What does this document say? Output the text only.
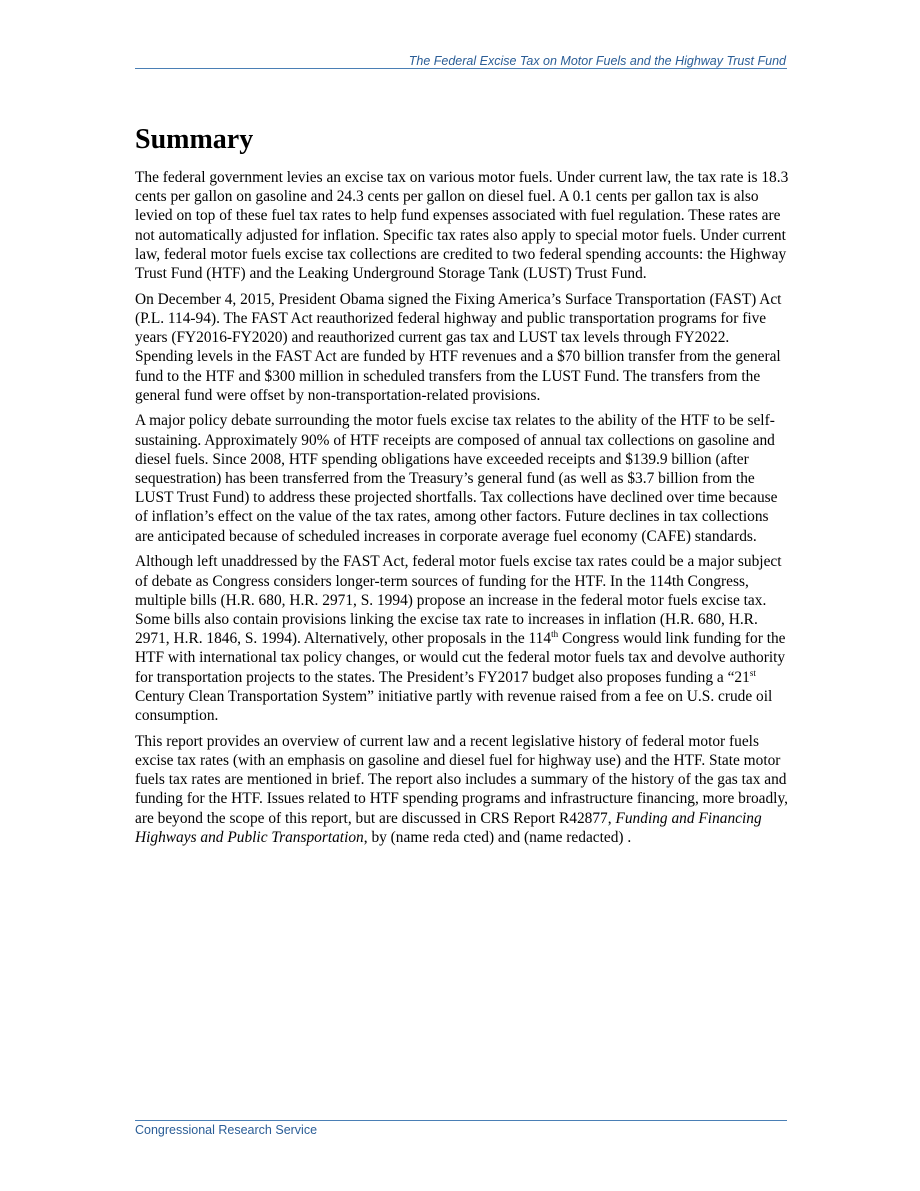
The Federal Excise Tax on Motor Fuels and the Highway Trust Fund
Summary

The federal government levies an excise tax on various motor fuels. Under current law, the tax rate is 18.3 cents per gallon on gasoline and 24.3 cents per gallon on diesel fuel. A 0.1 cents per gallon tax is also levied on top of these fuel tax rates to help fund expenses associated with fuel regulation. These rates are not automatically adjusted for inflation. Specific tax rates also apply to special motor fuels. Under current law, federal motor fuels excise tax collections are credited to two federal spending accounts: the Highway Trust Fund (HTF) and the Leaking Underground Storage Tank (LUST) Trust Fund.

On December 4, 2015, President Obama signed the Fixing America’s Surface Transportation (FAST) Act (P.L. 114-94). The FAST Act reauthorized federal highway and public transportation programs for five years (FY2016-FY2020) and reauthorized current gas tax and LUST tax levels through FY2022. Spending levels in the FAST Act are funded by HTF revenues and a $70 billion transfer from the general fund to the HTF and $300 million in scheduled transfers from the LUST Fund. The transfers from the general fund were offset by non-transportation-related provisions.

A major policy debate surrounding the motor fuels excise tax relates to the ability of the HTF to be self-sustaining. Approximately 90% of HTF receipts are composed of annual tax collections on gasoline and diesel fuels. Since 2008, HTF spending obligations have exceeded receipts and $139.9 billion (after sequestration) has been transferred from the Treasury’s general fund (as well as $3.7 billion from the LUST Trust Fund) to address these projected shortfalls. Tax collections have declined over time because of inflation’s effect on the value of the tax rates, among other factors. Future declines in tax collections are anticipated because of scheduled increases in corporate average fuel economy (CAFE) standards.

Although left unaddressed by the FAST Act, federal motor fuels excise tax rates could be a major subject of debate as Congress considers longer-term sources of funding for the HTF. In the 114th Congress, multiple bills (H.R. 680, H.R. 2971, S. 1994) propose an increase in the federal motor fuels excise tax. Some bills also contain provisions linking the excise tax rate to increases in inflation (H.R. 680, H.R. 2971, H.R. 1846, S. 1994). Alternatively, other proposals in the 114th Congress would link funding for the HTF with international tax policy changes, or would cut the federal motor fuels tax and devolve authority for transportation projects to the states. The President’s FY2017 budget also proposes funding a “21st Century Clean Transportation System” initiative partly with revenue raised from a fee on U.S. crude oil consumption.

This report provides an overview of current law and a recent legislative history of federal motor fuels excise tax rates (with an emphasis on gasoline and diesel fuel for highway use) and the HTF. State motor fuels tax rates are mentioned in brief. The report also includes a summary of the history of the gas tax and funding for the HTF. Issues related to HTF spending programs and infrastructure financing, more broadly, are beyond the scope of this report, but are discussed in CRS Report R42877, Funding and Financing Highways and Public Transportation, by (name reda cted) and (name redacted) .

Congressional Research Service
